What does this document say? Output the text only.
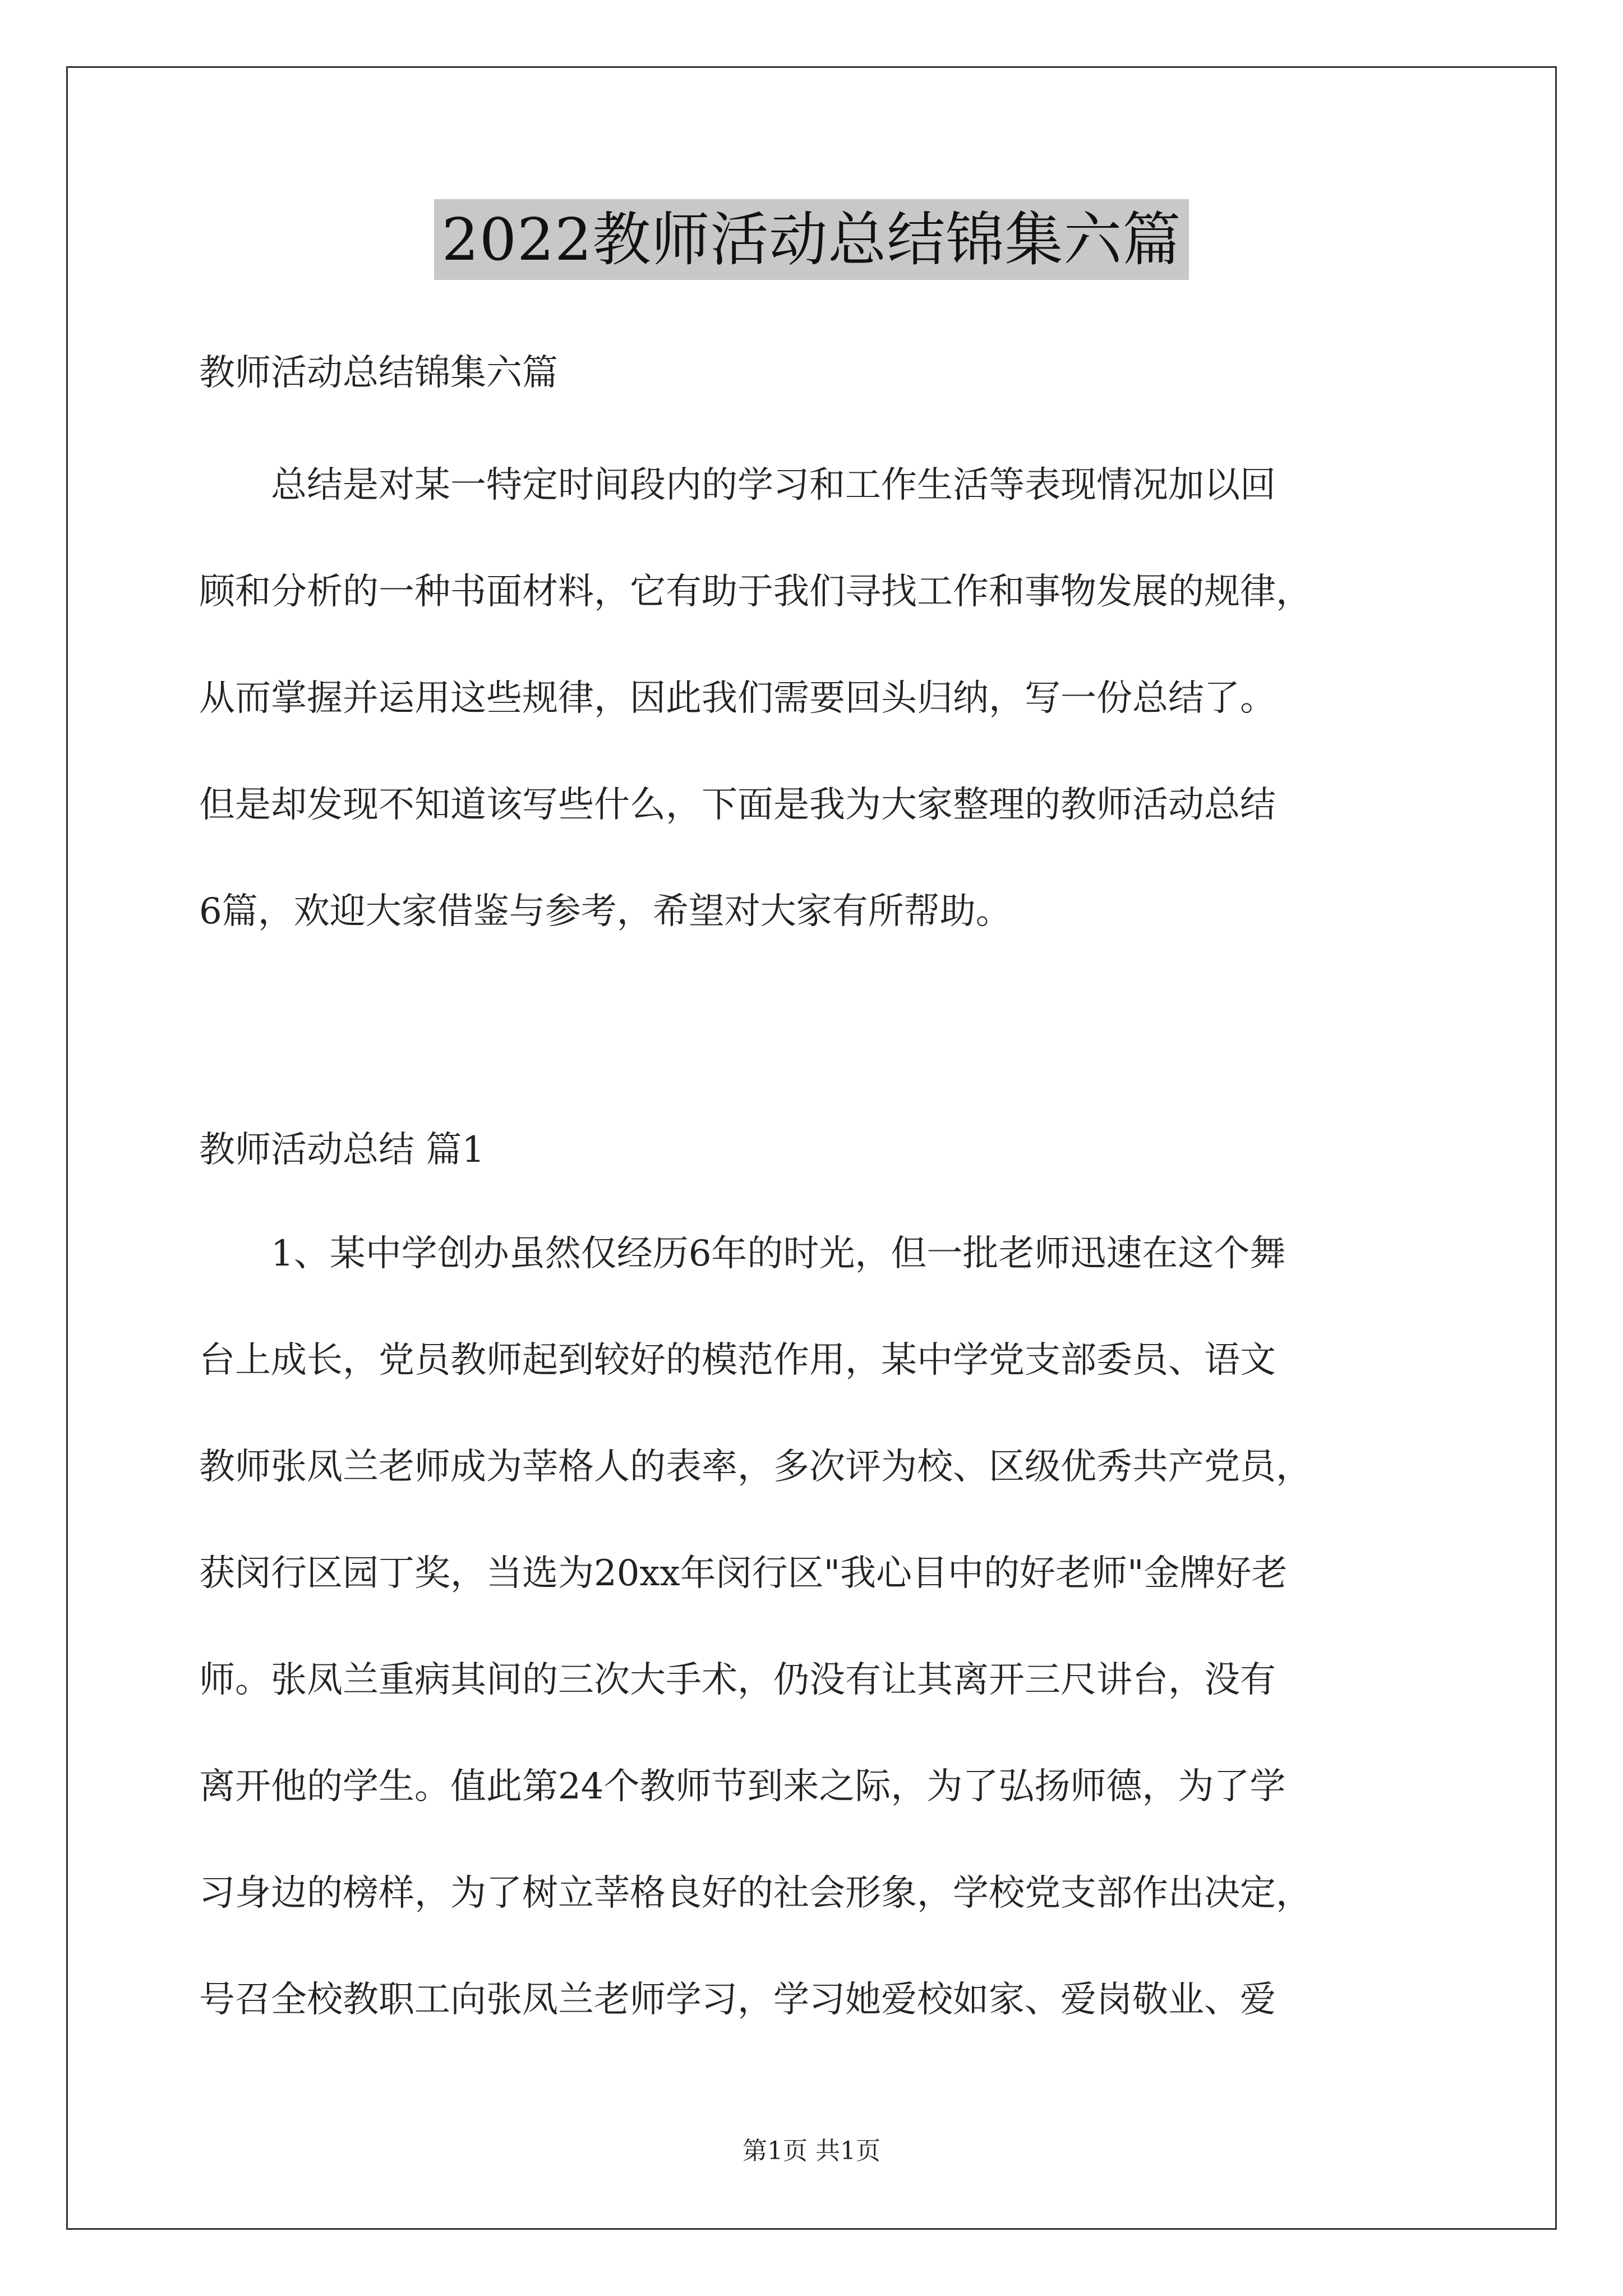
2022教师活动总结锦集六篇
教师活动总结锦集六篇
总结是对某一特定时间段内的学习和工作生活等表现情况加以回
顾和分析的一种书面材料，它有助于我们寻找工作和事物发展的规律，
从而掌握并运用这些规律，因此我们需要回头归纳，写一份总结了。
但是却发现不知道该写些什么，下面是我为大家整理的教师活动总结
6篇，欢迎大家借鉴与参考，希望对大家有所帮助。
教师活动总结 篇1
1、某中学创办虽然仅经历6年的时光，但一批老师迅速在这个舞
台上成长，党员教师起到较好的模范作用，某中学党支部委员、语文
教师张凤兰老师成为莘格人的表率，多次评为校、区级优秀共产党员，
获闵行区园丁奖，当选为20xx年闵行区"我心目中的好老师"金牌好老
师。张凤兰重病其间的三次大手术，仍没有让其离开三尺讲台，没有
离开他的学生。值此第24个教师节到来之际，为了弘扬师德，为了学
习身边的榜样，为了树立莘格良好的社会形象，学校党支部作出决定，
号召全校教职工向张凤兰老师学习，学习她爱校如家、爱岗敬业、爱
第1页 共1页
